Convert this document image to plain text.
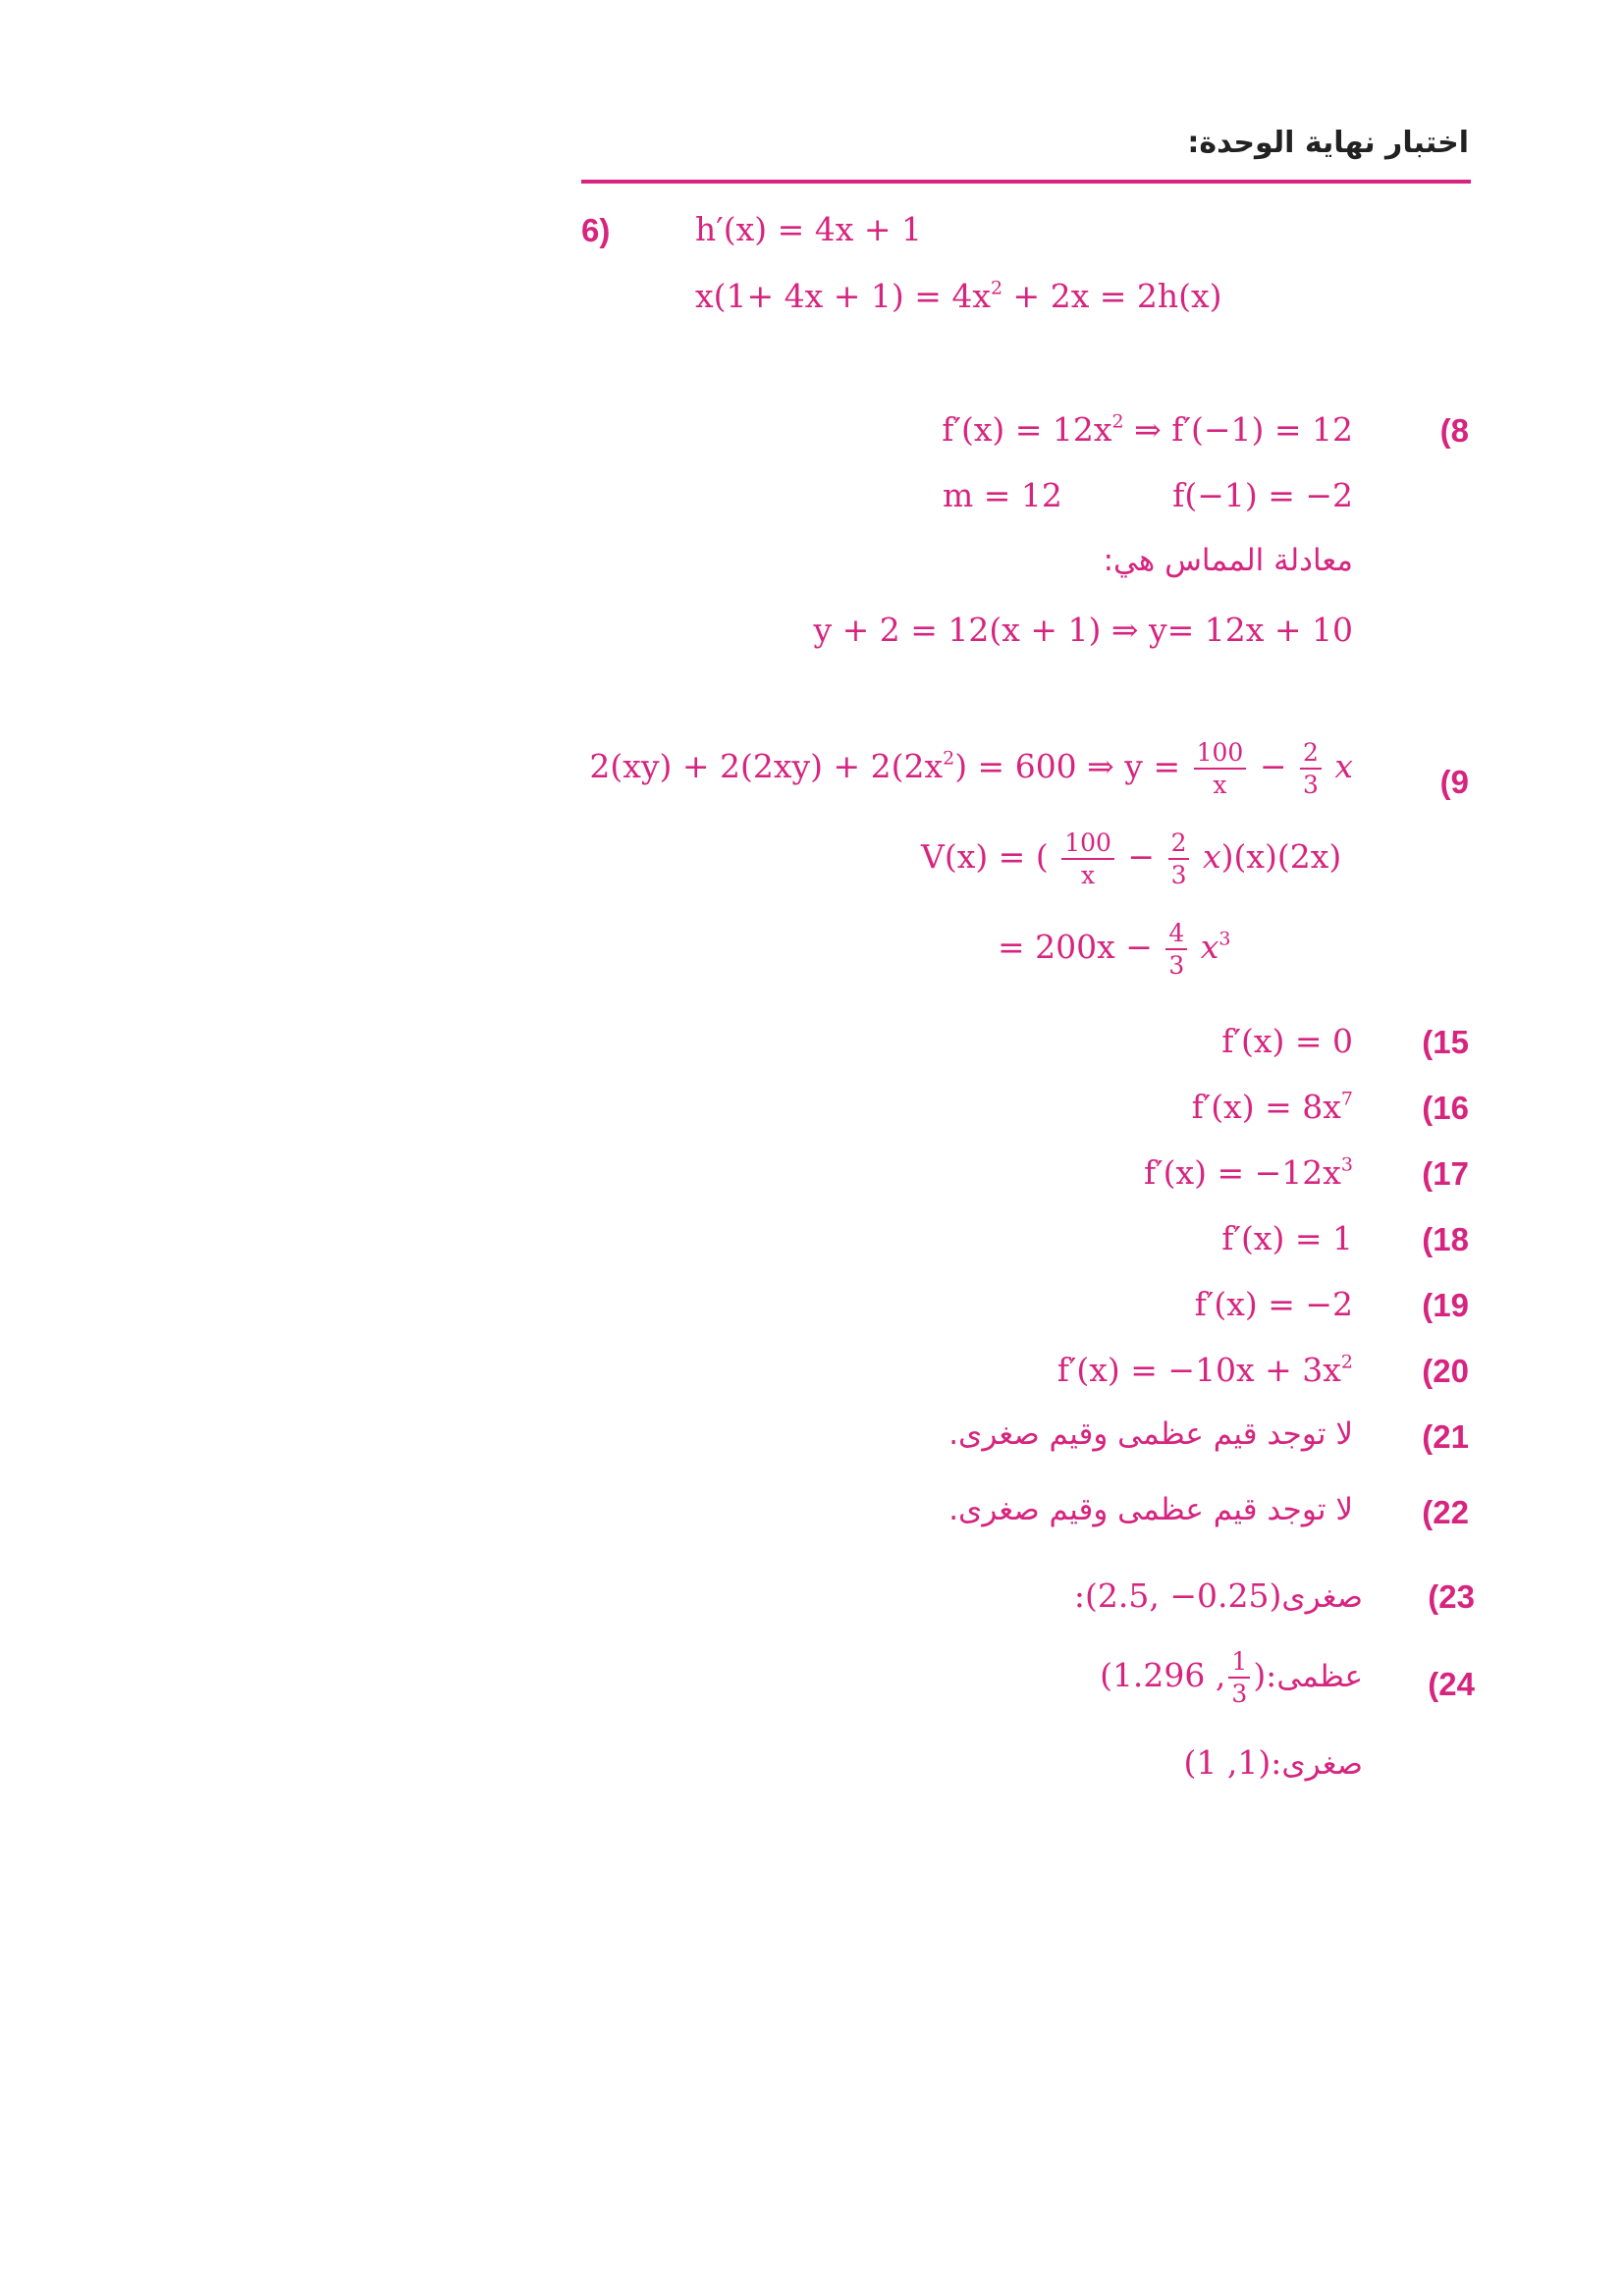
اختبار نهاية الوحدة:
6)	h′(x) = 4x + 1
$x(1+ 4x + 1) = 4x^2 + 2x = 2h(x)$
(8
$f'(x) = 12x^2$ ⇒ f′(−1) = 12
m = 12	f(−1) = −2
معادلة المماس هي:
y + 2 = 12(x + 1) ⇒ y= 12x + 10
(9
$2(xy) + 2(2xy) + 2(2x^2) = 600$ ⇒ $y = \frac{100}{x} - \frac{2}{3}$ x
V(x) = ( $\frac{100}{x} - \frac{2}{3} x)(x)(2x)$
= $200x - \frac{4}{3} x^3$
(15
f′(x) = 0
(16
$f'(x) = 8x^7$
(17
$f'(x) = -12x^3$
(18
f′(x) = 1
(19
f′(x) = −2
(20
$f'(x) = -10x + 3x^2$
(21
لا توجد قيم عظمى وقيم صغرى.
(22
لا توجد قيم عظمى وقيم صغرى.
(23
صغرى:(2.5, −0.25)
(24
عظمى:(
$\frac{1}{3}$
, 1.296)
صغرى:(1, 1)
